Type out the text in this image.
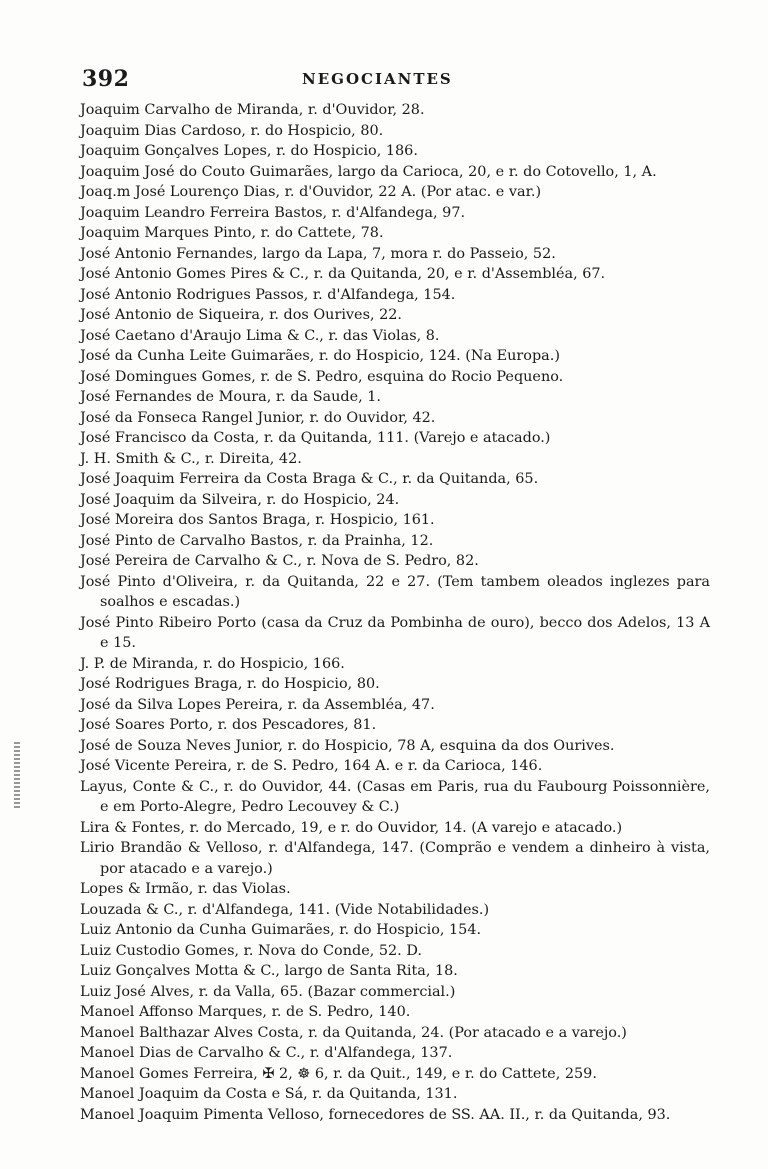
392	NEGOCIANTES
Joaquim Carvalho de Miranda, r. d'Ouvidor, 28.
Joaquim Dias Cardoso, r. do Hospicio, 80.
Joaquim Gonçalves Lopes, r. do Hospicio, 186.
Joaquim José do Couto Guimarães, largo da Carioca, 20, e r. do Cotovello, 1, A.
Joaq.m José Lourenço Dias, r. d'Ouvidor, 22 A. (Por atac. e var.)
Joaquim Leandro Ferreira Bastos, r. d'Alfandega, 97.
Joaquim Marques Pinto, r. do Cattete, 78.
José Antonio Fernandes, largo da Lapa, 7, mora r. do Passeio, 52.
José Antonio Gomes Pires & C., r. da Quitanda, 20, e r. d'Assembléa, 67.
José Antonio Rodrigues Passos, r. d'Alfandega, 154.
José Antonio de Siqueira, r. dos Ourives, 22.
José Caetano d'Araujo Lima & C., r. das Violas, 8.
José da Cunha Leite Guimarães, r. do Hospicio, 124. (Na Europa.)
José Domingues Gomes, r. de S. Pedro, esquina do Rocio Pequeno.
José Fernandes de Moura, r. da Saude, 1.
José da Fonseca Rangel Junior, r. do Ouvidor, 42.
José Francisco da Costa, r. da Quitanda, 111. (Varejo e atacado.)
J. H. Smith & C., r. Direita, 42.
José Joaquim Ferreira da Costa Braga & C., r. da Quitanda, 65.
José Joaquim da Silveira, r. do Hospicio, 24.
José Moreira dos Santos Braga, r. Hospicio, 161.
José Pinto de Carvalho Bastos, r. da Prainha, 12.
José Pereira de Carvalho & C., r. Nova de S. Pedro, 82.
José Pinto d'Oliveira, r. da Quitanda, 22 e 27. (Tem tambem oleados inglezes para soalhos e escadas.)
José Pinto Ribeiro Porto (casa da Cruz da Pombinha de ouro), becco dos Adelos, 13 A e 15.
J. P. de Miranda, r. do Hospicio, 166.
José Rodrigues Braga, r. do Hospicio, 80.
José da Silva Lopes Pereira, r. da Assembléa, 47.
José Soares Porto, r. dos Pescadores, 81.
José de Souza Neves Junior, r. do Hospicio, 78 A, esquina da dos Ourives.
José Vicente Pereira, r. de S. Pedro, 164 A. e r. da Carioca, 146.
Layus, Conte & C., r. do Ouvidor, 44. (Casas em Paris, rua du Faubourg Poissonnière, e em Porto-Alegre, Pedro Lecouvey & C.)
Lira & Fontes, r. do Mercado, 19, e r. do Ouvidor, 14. (A varejo e atacado.)
Lirio Brandão & Velloso, r. d'Alfandega, 147. (Comprão e vendem a dinheiro à vista, por atacado e a varejo.)
Lopes & Irmão, r. das Violas.
Louzada & C., r. d'Alfandega, 141. (Vide Notabilidades.)
Luiz Antonio da Cunha Guimarães, r. do Hospicio, 154.
Luiz Custodio Gomes, r. Nova do Conde, 52. D.
Luiz Gonçalves Motta & C., largo de Santa Rita, 18.
Luiz José Alves, r. da Valla, 65. (Bazar commercial.)
Manoel Affonso Marques, r. de S. Pedro, 140.
Manoel Balthazar Alves Costa, r. da Quitanda, 24. (Por atacado e a varejo.)
Manoel Dias de Carvalho & C., r. d'Alfandega, 137.
Manoel Gomes Ferreira, ✠ 2, ☸ 6, r. da Quit., 149, e r. do Cattete, 259.
Manoel Joaquim da Costa e Sá, r. da Quitanda, 131.
Manoel Joaquim Pimenta Velloso, fornecedores de SS. AA. II., r. da Quitanda, 93.
